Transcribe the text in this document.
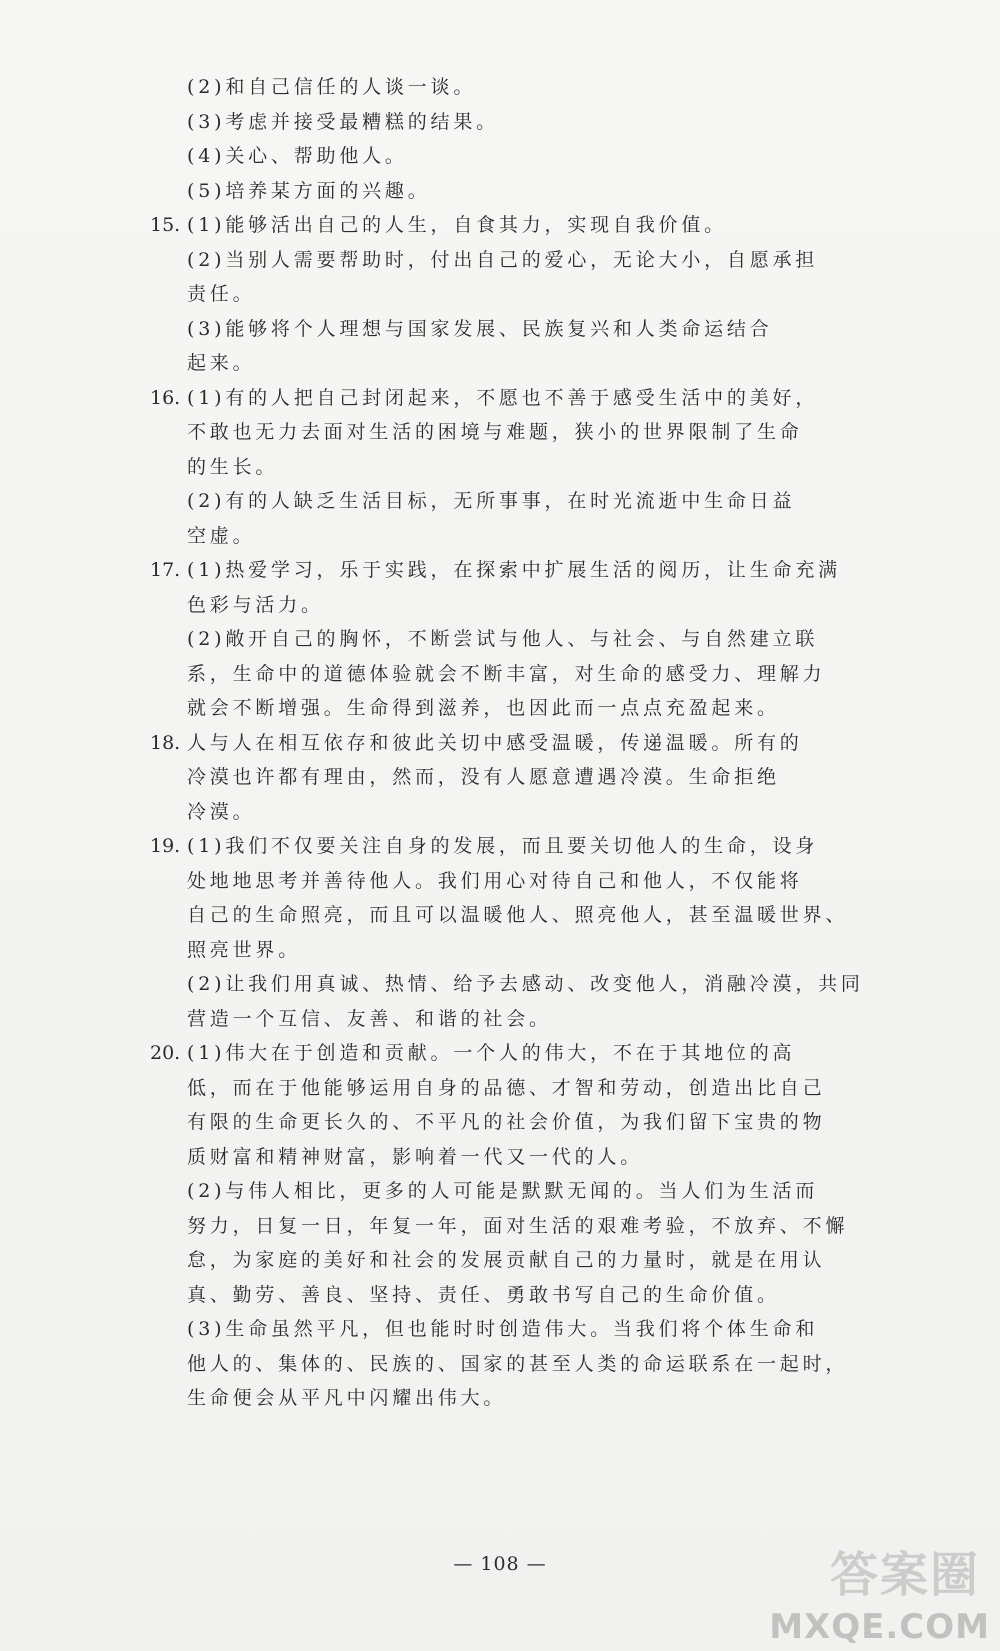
(2)和自己信任的人谈一谈。
(3)考虑并接受最糟糕的结果。
(4)关心、帮助他人。
(5)培养某方面的兴趣。
15. (1)能够活出自己的人生，自食其力，实现自我价值。
(2)当别人需要帮助时，付出自己的爱心，无论大小，自愿承担
责任。
(3)能够将个人理想与国家发展、民族复兴和人类命运结合
起来。
16. (1)有的人把自己封闭起来，不愿也不善于感受生活中的美好，
不敢也无力去面对生活的困境与难题，狭小的世界限制了生命
的生长。
(2)有的人缺乏生活目标，无所事事，在时光流逝中生命日益
空虚。
17. (1)热爱学习，乐于实践，在探索中扩展生活的阅历，让生命充满
色彩与活力。
(2)敞开自己的胸怀，不断尝试与他人、与社会、与自然建立联
系，生命中的道德体验就会不断丰富，对生命的感受力、理解力
就会不断增强。生命得到滋养，也因此而一点点充盈起来。
18. 人与人在相互依存和彼此关切中感受温暖，传递温暖。所有的
冷漠也许都有理由，然而，没有人愿意遭遇冷漠。生命拒绝
冷漠。
19. (1)我们不仅要关注自身的发展，而且要关切他人的生命，设身
处地地思考并善待他人。我们用心对待自己和他人，不仅能将
自己的生命照亮，而且可以温暖他人、照亮他人，甚至温暖世界、
照亮世界。
(2)让我们用真诚、热情、给予去感动、改变他人，消融冷漠，共同
营造一个互信、友善、和谐的社会。
20. (1)伟大在于创造和贡献。一个人的伟大，不在于其地位的高
低，而在于他能够运用自身的品德、才智和劳动，创造出比自己
有限的生命更长久的、不平凡的社会价值，为我们留下宝贵的物
质财富和精神财富，影响着一代又一代的人。
(2)与伟人相比，更多的人可能是默默无闻的。当人们为生活而
努力，日复一日，年复一年，面对生活的艰难考验，不放弃、不懈
怠，为家庭的美好和社会的发展贡献自己的力量时，就是在用认
真、勤劳、善良、坚持、责任、勇敢书写自己的生命价值。
(3)生命虽然平凡，但也能时时创造伟大。当我们将个体生命和
他人的、集体的、民族的、国家的甚至人类的命运联系在一起时，
生命便会从平凡中闪耀出伟大。
— 108 —	答案圈
MXQE.COM
